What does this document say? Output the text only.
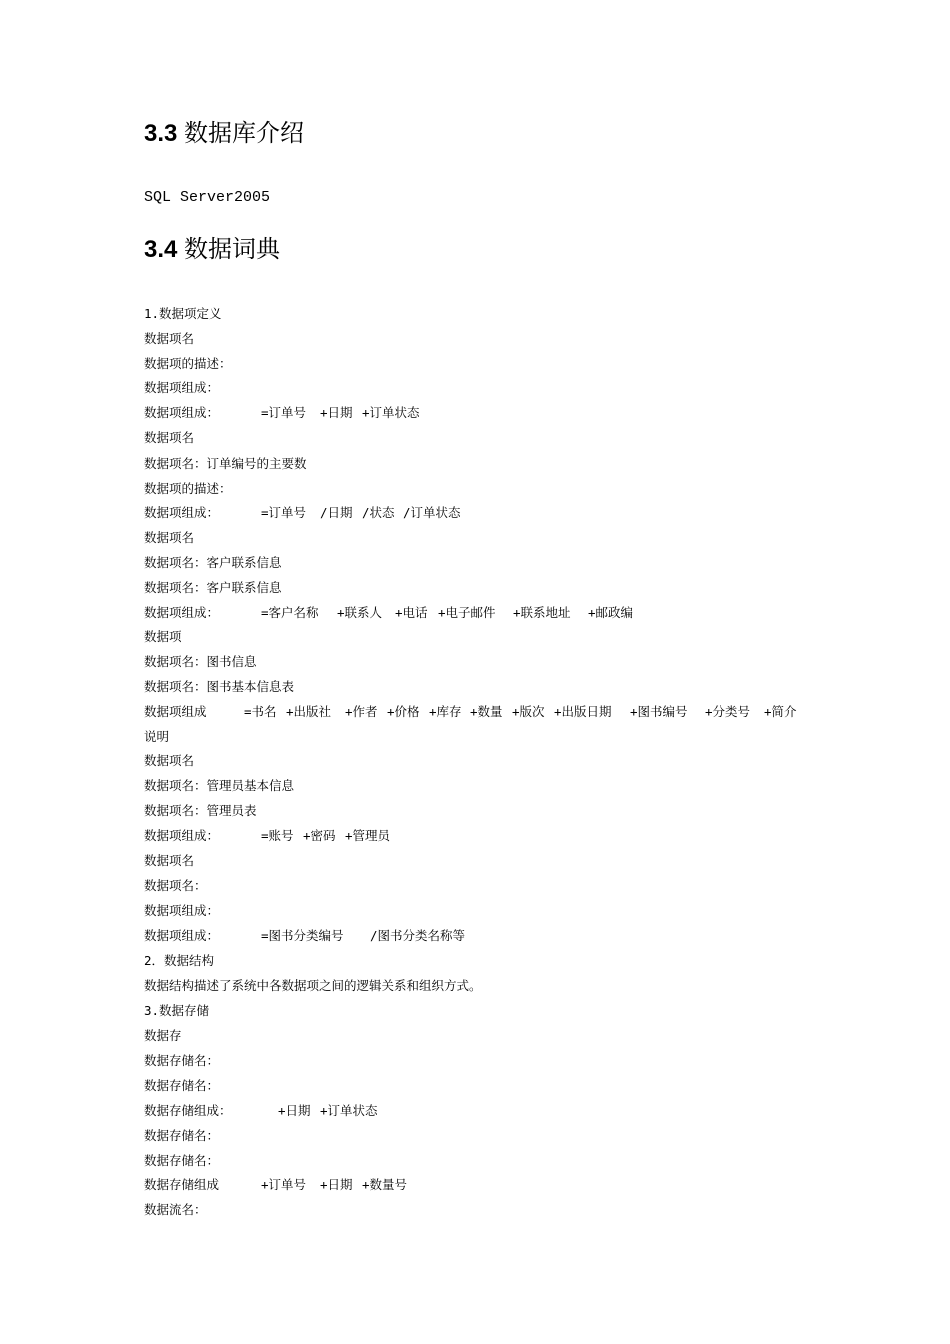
3.3 数据库介绍
SQL Server2005
3.4 数据词典
1.数据项定义
数据项名
数据项的描述：
数据项组成：
数据项组成：	=订单号 +日期 +订单状态
数据项名
数据项名：订单编号的主要数
数据项的描述：
数据项组成：	=订单号 /日期 /状态 /订单状态
数据项名
数据项名：客户联系信息
数据项名：客户联系信息
数据项组成：	=客户名称 +联系人 +电话 +电子邮件 +联系地址 +邮政编
数据项
数据项名：图书信息
数据项名：图书基本信息表
数据项组成	=书名 +出版社 +作者 +价格 +库存 +数量 +版次 +出版日期 +图书编号 +分类号 +简介
说明
数据项名
数据项名：管理员基本信息
数据项名：管理员表
数据项组成：	=账号 +密码 +管理员
数据项名
数据项名：
数据项组成：
数据项组成：	=图书分类编号 /图书分类名称等
2．数据结构
数据结构描述了系统中各数据项之间的逻辑关系和组织方式。
3.数据存储
数据存
数据存储名：
数据存储名：
数据存储组成：	+日期 +订单状态
数据存储名：
数据存储名：
数据存储组成	+订单号 +日期 +数量号
数据流名：
